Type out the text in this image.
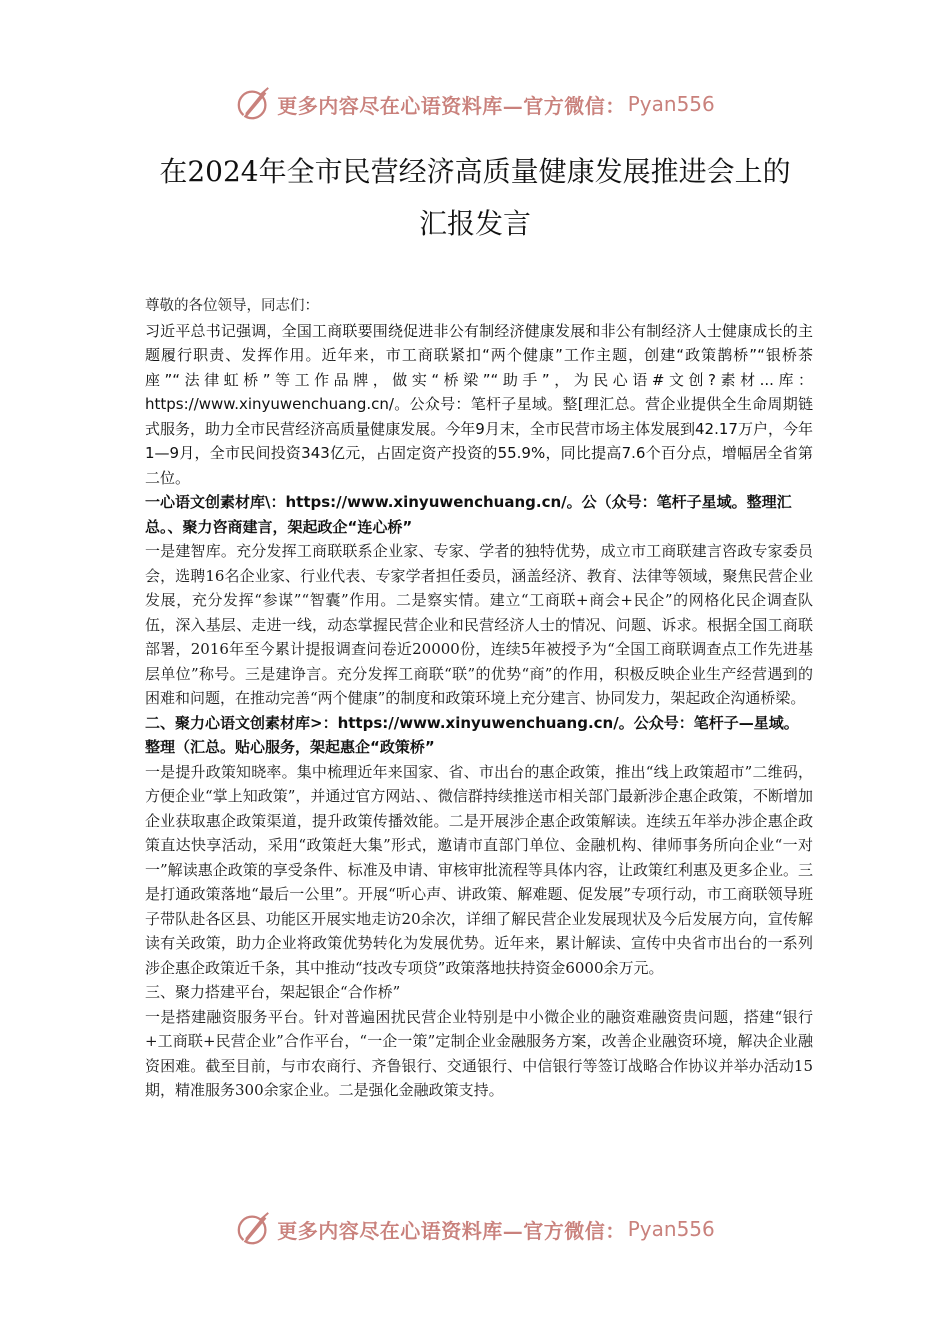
更多内容尽在心语资料库—官方微信： Pyan556
在2024年全市民营经济高质量健康发展推进会上的
汇报发言

尊敬的各位领导，同志们：

习近平总书记强调，全国工商联要围绕促进非公有制经济健康发展和非公有制经济人士健康成长的主题履行职责、发挥作用。近年来，市工商联紧扣“两个健康”工作主题，创建“政策鹊桥”“银桥茶座”“法律虹桥”等工作品牌，做实“桥梁”“助手”，为民心语#文创?素材...库：https://www.xinyuwenchuang.cn/。公众号：笔杆子星域。整[理汇总。营企业提供全生命周期链式服务，助力全市民营经济高质量健康发展。今年9月末，全市民营市场主体发展到42.17万户，今年1—9月，全市民间投资343亿元，占固定资产投资的55.9%，同比提高7.6个百分点，增幅居全省第二位。

一心语文创素材库\：https://www.xinyuwenchuang.cn/。公（众号：笔杆子星域。整理汇总。、聚力咨商建言，架起政企“连心桥”

一是建智库。充分发挥工商联联系企业家、专家、学者的独特优势，成立市工商联建言咨政专家委员会，选聘16名企业家、行业代表、专家学者担任委员，涵盖经济、教育、法律等领域，聚焦民营企业发展，充分发挥“参谋”“智囊”作用。二是察实情。建立“工商联+商会+民企”的网格化民企调查队伍，深入基层、走进一线，动态掌握民营企业和民营经济人士的情况、问题、诉求。根据全国工商联部署，2016年至今累计提报调查问卷近20000份，连续5年被授予为“全国工商联调查点工作先进基层单位”称号。三是建诤言。充分发挥工商联“联”的优势“商”的作用，积极反映企业生产经营遇到的困难和问题，在推动完善“两个健康”的制度和政策环境上充分建言、协同发力，架起政企沟通桥梁。

二、聚力心语文创素材库>：https://www.xinyuwenchuang.cn/。公众号：笔杆子—星域。整理（汇总。贴心服务，架起惠企“政策桥”

一是提升政策知晓率。集中梳理近年来国家、省、市出台的惠企政策，推出“线上政策超市”二维码，方便企业“掌上知政策”，并通过官方网站、、微信群持续推送市相关部门最新涉企惠企政策，不断增加企业获取惠企政策渠道，提升政策传播效能。二是开展涉企惠企政策解读。连续五年举办涉企惠企政策直达快享活动，采用“政策赶大集”形式，邀请市直部门单位、金融机构、律师事务所向企业“一对一”解读惠企政策的享受条件、标准及申请、审核审批流程等具体内容，让政策红利惠及更多企业。三是打通政策落地“最后一公里”。开展“听心声、讲政策、解难题、促发展”专项行动，市工商联领导班子带队赴各区县、功能区开展实地走访20余次，详细了解民营企业发展现状及今后发展方向，宣传解读有关政策，助力企业将政策优势转化为发展优势。近年来，累计解读、宣传中央省市出台的一系列涉企惠企政策近千条，其中推动“技改专项贷”政策落地扶持资金6000余万元。

三、聚力搭建平台，架起银企“合作桥”

一是搭建融资服务平台。针对普遍困扰民营企业特别是中小微企业的融资难融资贵问题，搭建“银行+工商联+民营企业”合作平台，“一企一策”定制企业金融服务方案，改善企业融资环境，解决企业融资困难。截至目前，与市农商行、齐鲁银行、交通银行、中信银行等签订战略合作协议并举办活动15期，精准服务300余家企业。二是强化金融政策支持。

更多内容尽在心语资料库—官方微信： Pyan556
